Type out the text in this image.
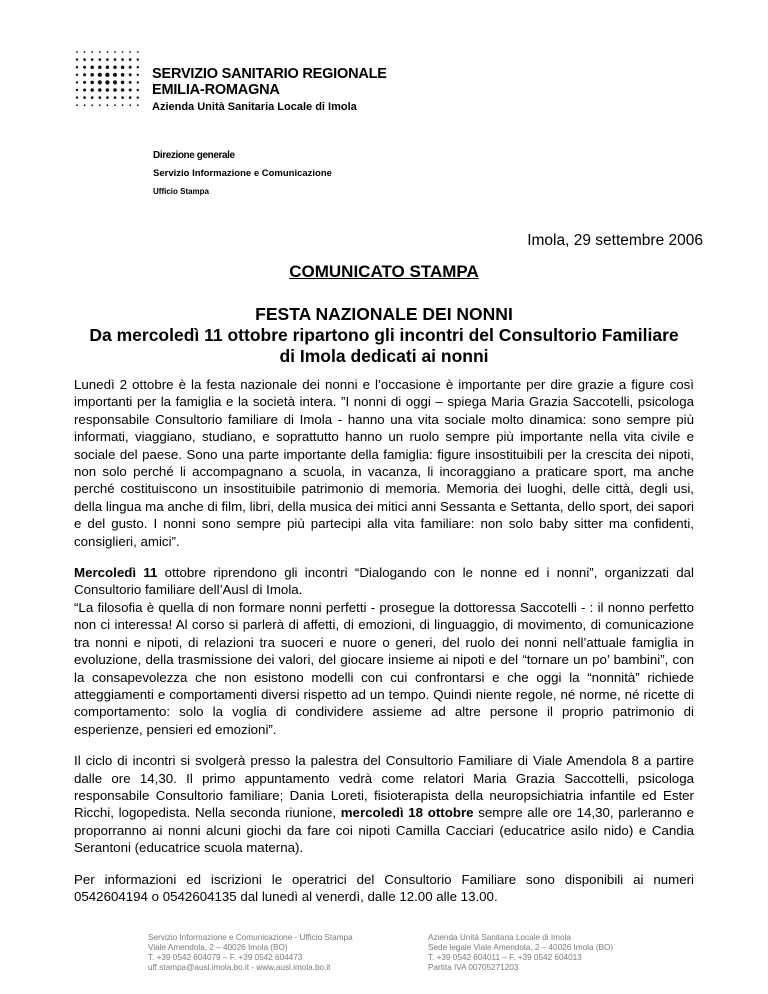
SERVIZIO SANITARIO REGIONALE
EMILIA-ROMAGNA
Azienda Unità Sanitaria Locale di Imola
Direzione generale
Servizio Informazione e Comunicazione
Ufficio Stampa
Imola, 29 settembre 2006
COMUNICATO STAMPA
FESTA NAZIONALE DEI NONNI
Da mercoledì 11 ottobre ripartono gli incontri del Consultorio Familiare
di Imola dedicati ai nonni

Lunedì 2 ottobre è la festa nazionale dei nonni e l’occasione è importante per dire grazie a figure così importanti per la famiglia e la società intera. ”I nonni di oggi – spiega Maria Grazia Saccotelli, psicologa responsabile Consultorio familiare di Imola - hanno una vita sociale molto dinamica: sono sempre più informati, viaggiano, studiano, e soprattutto hanno un ruolo sempre più importante nella vita civile e sociale del paese. Sono una parte importante della famiglia: figure insostituibili per la crescita dei nipoti, non solo perché li accompagnano a scuola, in vacanza, li incoraggiano a praticare sport, ma anche perché costituiscono un insostituibile patrimonio di memoria. Memoria dei luoghi, delle città, degli usi, della lingua ma anche di film, libri, della musica dei mitici anni Sessanta e Settanta, dello sport, dei sapori e del gusto. I nonni sono sempre più partecipi alla vita familiare: non solo baby sitter ma confidenti, consiglieri, amici”.

Mercoledì 11 ottobre riprendono gli incontri “Dialogando con le nonne ed i nonni”, organizzati dal Consultorio familiare dell’Ausl di Imola.
“La filosofia è quella di non formare nonni perfetti - prosegue la dottoressa Saccotelli - : il nonno perfetto non ci interessa! Al corso si parlerà di affetti, di emozioni, di linguaggio, di movimento, di comunicazione tra nonni e nipoti, di relazioni tra suoceri e nuore o generi, del ruolo dei nonni nell’attuale famiglia in evoluzione, della trasmissione dei valori, del giocare insieme ai nipoti e del “tornare un po’ bambini”, con la consapevolezza che non esistono modelli con cui confrontarsi e che oggi la “nonnità” richiede atteggiamenti e comportamenti diversi rispetto ad un tempo. Quindi niente regole, né norme, né ricette di comportamento: solo la voglia di condividere assieme ad altre persone il proprio patrimonio di esperienze, pensieri ed emozioni”.

Il ciclo di incontri si svolgerà presso la palestra del Consultorio Familiare di Viale Amendola 8 a partire dalle ore 14,30. Il primo appuntamento vedrà come relatori Maria Grazia Saccottelli, psicologa responsabile Consultorio familiare; Dania Loreti, fisioterapista della neuropsichiatria infantile ed Ester Ricchi, logopedista. Nella seconda riunione, mercoledì 18 ottobre sempre alle ore 14,30, parleranno e proporranno ai nonni alcuni giochi da fare coi nipoti Camilla Cacciari (educatrice asilo nido) e Candia Serantoni (educatrice scuola materna).

Per informazioni ed iscrizioni le operatrici del Consultorio Familiare sono disponibili ai numeri 0542604194 o 0542604135 dal lunedì al venerdì, dalle 12.00 alle 13.00.

Servizio Informazione e Comunicazione - Ufficio Stampa
Viale Amendola, 2 – 40026 Imola (BO)
T. +39 0542 604079 – F. +39 0542 604473
uff.stampa@ausl.imola.bo.it - www.ausl.imola.bo.it
Azienda Unità Sanitaria Locale di Imola
Sede legale Viale Amendola, 2 – 40026 Imola (BO)
T. +39 0542 604011 – F. +39 0542 604013
Partita IVA 00705271203
